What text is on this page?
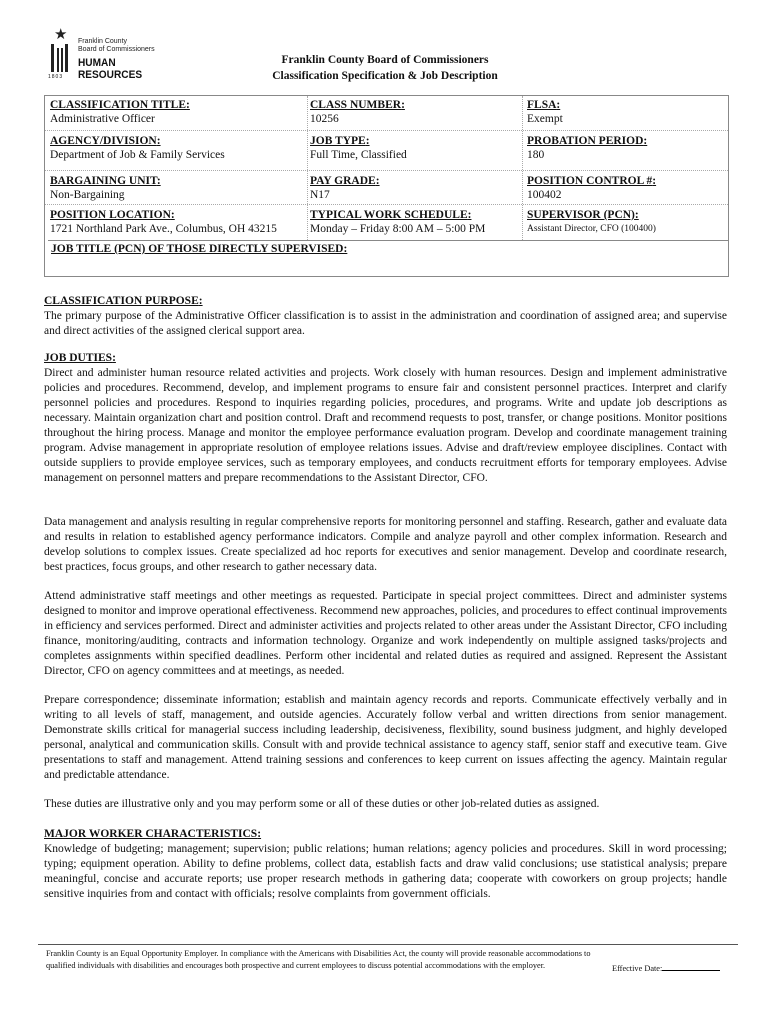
★
1803
Franklin County
Board of Commissioners
HUMAN RESOURCES
Franklin County Board of Commissioners
Classification Specification & Job Description
CLASSIFICATION TITLE:
Administrative Officer
CLASS NUMBER:
10256
FLSA:
Exempt
AGENCY/DIVISION:
Department of Job & Family Services
JOB TYPE:
Full Time, Classified
PROBATION PERIOD:
180
BARGAINING UNIT:
Non-Bargaining
PAY GRADE:
N17
POSITION CONTROL #:
100402
POSITION LOCATION:
1721 Northland Park Ave., Columbus, OH 43215
TYPICAL WORK SCHEDULE:
Monday – Friday 8:00 AM – 5:00 PM
SUPERVISOR (PCN):
Assistant Director, CFO (100400)
JOB TITLE (PCN) OF THOSE DIRECTLY SUPERVISED:
CLASSIFICATION PURPOSE:
The primary purpose of the Administrative Officer classification is to assist in the administration and coordination of assigned area; and supervise and direct activities of the assigned clerical support area.
JOB DUTIES:
Direct and administer human resource related activities and projects. Work closely with human resources. Design and implement administrative policies and procedures. Recommend, develop, and implement programs to ensure fair and consistent personnel practices. Interpret and clarify personnel policies and procedures. Respond to inquiries regarding policies, procedures, and programs. Write and update job descriptions as necessary. Maintain organization chart and position control. Draft and recommend requests to post, transfer, or change positions. Monitor positions throughout the hiring process. Manage and monitor the employee performance evaluation program. Develop and coordinate management training program. Advise management in appropriate resolution of employee relations issues. Advise and draft/review employee disciplines. Contact with outside suppliers to provide employee services, such as temporary employees, and conducts recruitment efforts for temporary employees. Advise management on personnel matters and prepare recommendations to the Assistant Director, CFO.
Data management and analysis resulting in regular comprehensive reports for monitoring personnel and staffing. Research, gather and evaluate data and results in relation to established agency performance indicators. Compile and analyze payroll and other complex information. Research and develop solutions to complex issues. Create specialized ad hoc reports for executives and senior management. Develop and coordinate research, best practices, focus groups, and other research to gather necessary data.
Attend administrative staff meetings and other meetings as requested. Participate in special project committees. Direct and administer systems designed to monitor and improve operational effectiveness. Recommend new approaches, policies, and procedures to effect continual improvements in efficiency and services performed. Direct and administer activities and projects related to other areas under the Assistant Director, CFO including finance, monitoring/auditing, contracts and information technology. Organize and work independently on multiple assigned tasks/projects and completes assignments within specified deadlines. Perform other incidental and related duties as required and assigned. Represent the Assistant Director, CFO on agency committees and at meetings, as needed.
Prepare correspondence; disseminate information; establish and maintain agency records and reports. Communicate effectively verbally and in writing to all levels of staff, management, and outside agencies. Accurately follow verbal and written directions from senior management. Demonstrate skills critical for managerial success including leadership, decisiveness, flexibility, sound business judgment, and highly developed personal, analytical and communication skills. Consult with and provide technical assistance to agency staff, senior staff and executive team. Give presentations to staff and management. Attend training sessions and conferences to keep current on issues affecting the agency. Maintain regular and predictable attendance.
These duties are illustrative only and you may perform some or all of these duties or other job-related duties as assigned.
MAJOR WORKER CHARACTERISTICS:
Knowledge of budgeting; management; supervision; public relations; human relations; agency policies and procedures. Skill in word processing; typing; equipment operation. Ability to define problems, collect data, establish facts and draw valid conclusions; use statistical analysis; prepare meaningful, concise and accurate reports; use proper research methods in gathering data; cooperate with coworkers on group projects; handle sensitive inquiries from and contact with officials; resolve complaints from government officials.
Franklin County is an Equal Opportunity Employer. In compliance with the Americans with Disabilities Act, the county will provide reasonable accommodations to qualified individuals with disabilities and encourages both prospective and current employees to discuss potential accommodations with the employer.	Effective Date:
